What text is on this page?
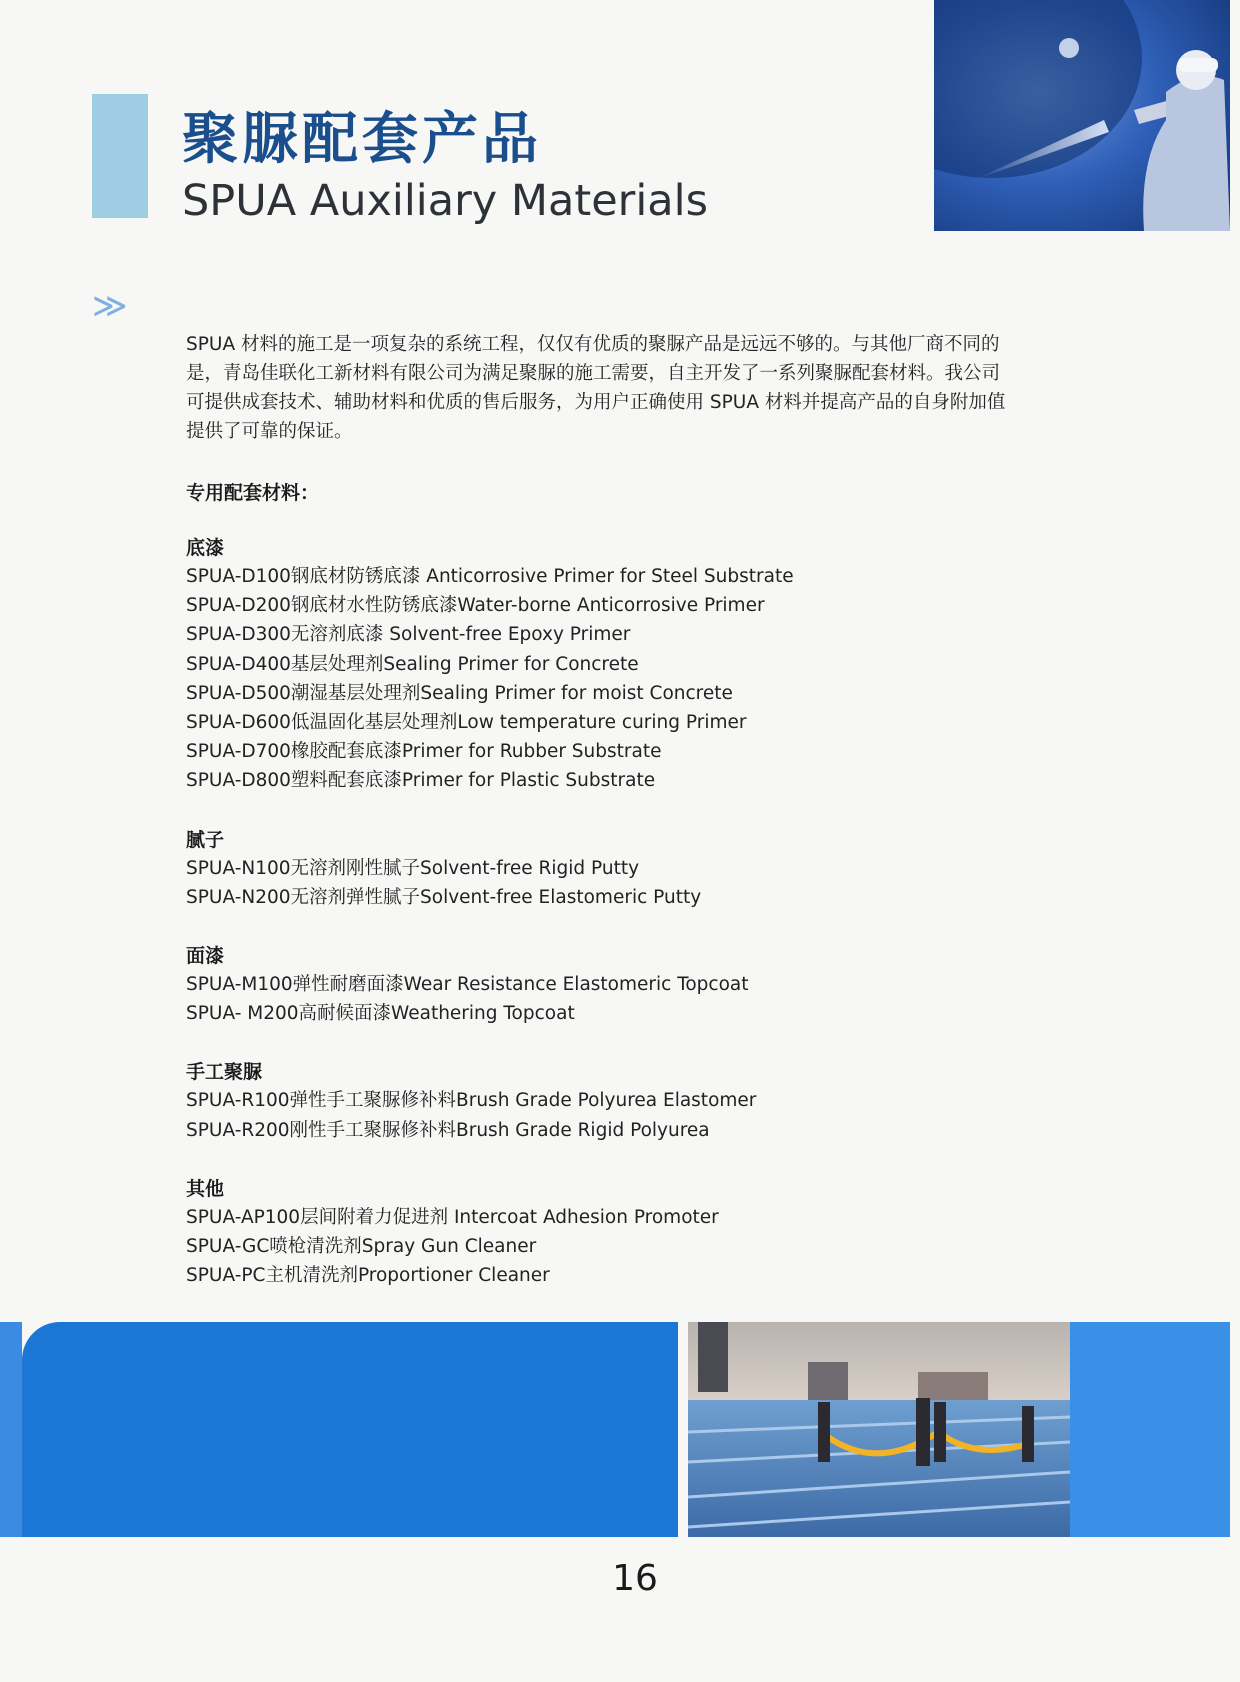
聚脲配套产品
SPUA Auxiliary Materials
≫

SPUA 材料的施工是一项复杂的系统工程，仅仅有优质的聚脲产品是远远不够的。与其他厂商不同的是，青岛佳联化工新材料有限公司为满足聚脲的施工需要，自主开发了一系列聚脲配套材料。我公司可提供成套技术、辅助材料和优质的售后服务，为用户正确使用 SPUA 材料并提高产品的自身附加值提供了可靠的保证。

专用配套材料：
底漆
SPUA-D100钢底材防锈底漆 Anticorrosive Primer for Steel Substrate
SPUA-D200钢底材水性防锈底漆Water-borne Anticorrosive Primer
SPUA-D300无溶剂底漆 Solvent-free Epoxy Primer
SPUA-D400基层处理剂Sealing Primer for Concrete
SPUA-D500潮湿基层处理剂Sealing Primer for moist Concrete
SPUA-D600低温固化基层处理剂Low temperature curing Primer
SPUA-D700橡胶配套底漆Primer for Rubber Substrate
SPUA-D800塑料配套底漆Primer for Plastic Substrate
腻子
SPUA-N100无溶剂刚性腻子Solvent-free Rigid Putty
SPUA-N200无溶剂弹性腻子Solvent-free Elastomeric Putty
面漆
SPUA-M100弹性耐磨面漆Wear Resistance Elastomeric Topcoat
SPUA- M200高耐候面漆Weathering Topcoat
手工聚脲
SPUA-R100弹性手工聚脲修补料Brush Grade Polyurea Elastomer
SPUA-R200刚性手工聚脲修补料Brush Grade Rigid Polyurea
其他
SPUA-AP100层间附着力促进剂 Intercoat Adhesion Promoter
SPUA-GC喷枪清洗剂Spray Gun Cleaner
SPUA-PC主机清洗剂Proportioner Cleaner
16
